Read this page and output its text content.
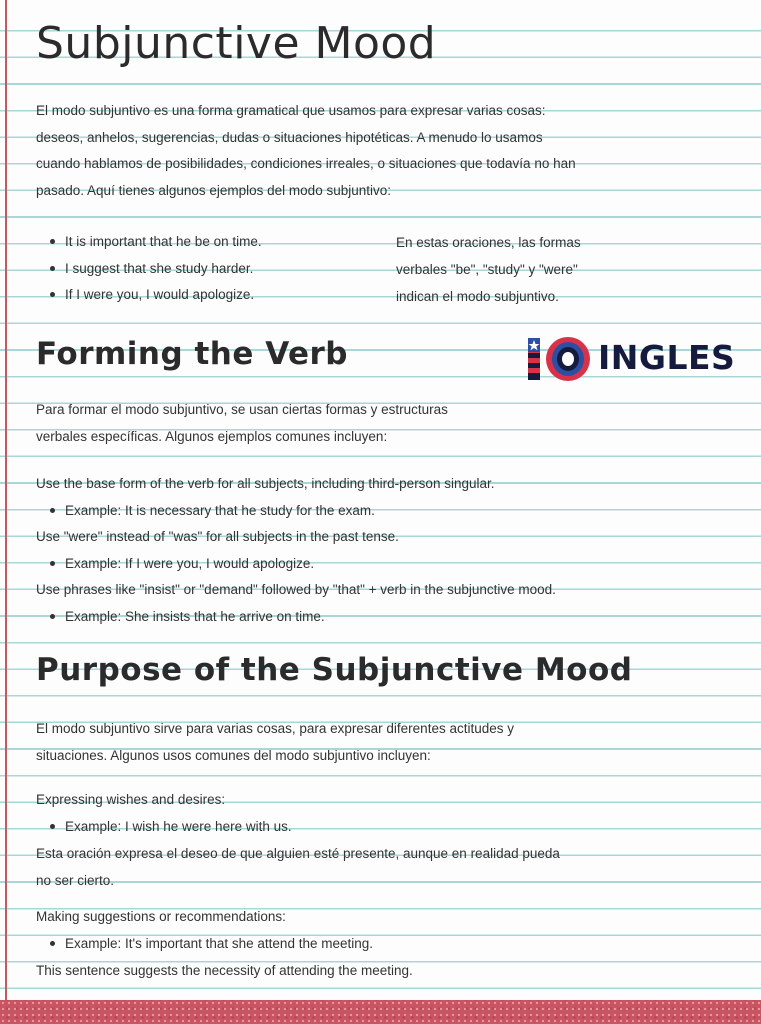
Subjunctive Mood
El modo subjuntivo es una forma gramatical que usamos para expresar varias cosas:
deseos, anhelos, sugerencias, dudas o situaciones hipotéticas. A menudo lo usamos
cuando hablamos de posibilidades, condiciones irreales, o situaciones que todavía no han
pasado. Aquí tienes algunos ejemplos del modo subjuntivo:
It is important that he be on time.
I suggest that she study harder.
If I were you, I would apologize.
En estas oraciones, las formas
verbales "be", "study" y "were"
indican el modo subjuntivo.
Forming the Verb	INGLES
Para formar el modo subjuntivo, se usan ciertas formas y estructuras
verbales específicas. Algunos ejemplos comunes incluyen:
Use the base form of the verb for all subjects, including third-person singular.
Example: It is necessary that he study for the exam.
Use "were" instead of "was" for all subjects in the past tense.
Example: If I were you, I would apologize.
Use phrases like "insist" or "demand" followed by "that" + verb in the subjunctive mood.
Example: She insists that he arrive on time.
Purpose of the Subjunctive Mood
El modo subjuntivo sirve para varias cosas, para expresar diferentes actitudes y
situaciones. Algunos usos comunes del modo subjuntivo incluyen:
Expressing wishes and desires:
Example: I wish he were here with us.
Esta oración expresa el deseo de que alguien esté presente, aunque en realidad pueda
no ser cierto.
Making suggestions or recommendations:
Example: It's important that she attend the meeting.
This sentence suggests the necessity of attending the meeting.
